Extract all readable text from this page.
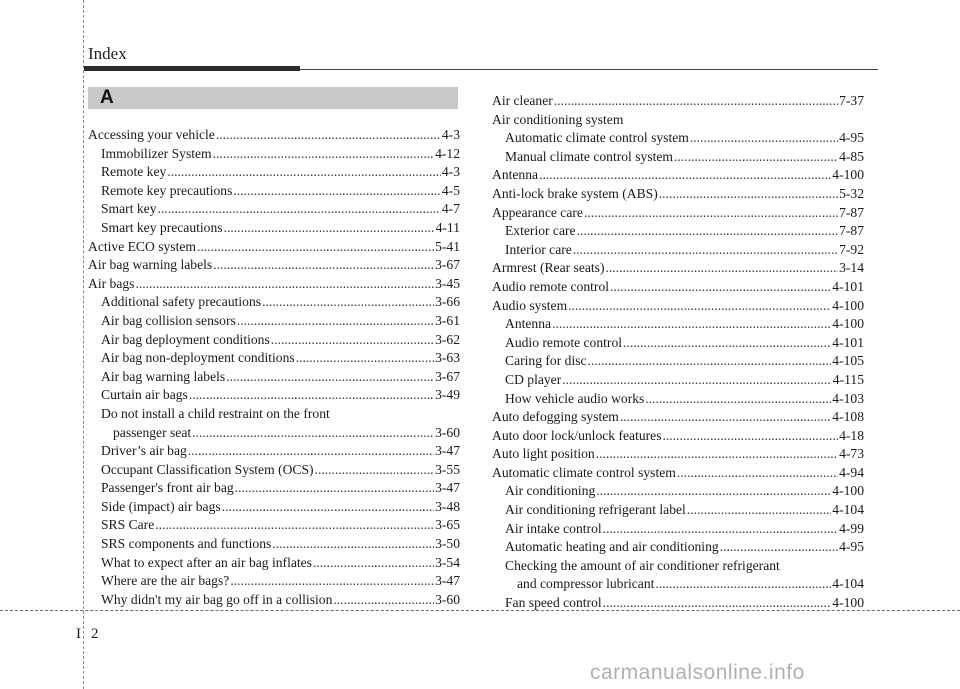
Index
A
Accessing your vehicle .....	4-3
Immobilizer System .....	4-12
Remote key .....	4-3
Remote key precautions .....	4-5
Smart key .....	4-7
Smart key precautions .....	4-11
Active ECO system .....	5-41
Air bag warning labels .....	3-67
Air bags .....	3-45
Additional safety precautions .....	3-66
Air bag collision sensors .....	3-61
Air bag deployment conditions .....	3-62
Air bag non-deployment conditions .....	3-63
Air bag warning labels .....	3-67
Curtain air bags .....	3-49
Do not install a child restraint on the front
passenger seat .....	3-60
Driver’s air bag .....	3-47
Occupant Classification System (OCS) .....	3-55
Passenger's front air bag .....	3-47
Side (impact) air bags .....	3-48
SRS Care .....	3-65
SRS components and functions .....	3-50
What to expect after an air bag inflates .....	3-54
Where are the air bags? .....	3-47
Why didn't my air bag go off in a collision .....	3-60
Air cleaner .....	7-37
Air conditioning system
Automatic climate control system .....	4-95
Manual climate control system .....	4-85
Antenna .....	4-100
Anti-lock brake system (ABS) .....	5-32
Appearance care .....	7-87
Exterior care .....	7-87
Interior care .....	7-92
Armrest (Rear seats) .....	3-14
Audio remote control .....	4-101
Audio system .....	4-100
Antenna .....	4-100
Audio remote control .....	4-101
Caring for disc .....	4-105
CD player .....	4-115
How vehicle audio works .....	4-103
Auto defogging system .....	4-108
Auto door lock/unlock features .....	4-18
Auto light position .....	4-73
Automatic climate control system .....	4-94
Air conditioning .....	4-100
Air conditioning refrigerant label .....	4-104
Air intake control .....	4-99
Automatic heating and air conditioning .....	4-95
Checking the amount of air conditioner refrigerant
and compressor lubricant .....	4-104
Fan speed control .....	4-100
I 2
carmanualsonline.info
